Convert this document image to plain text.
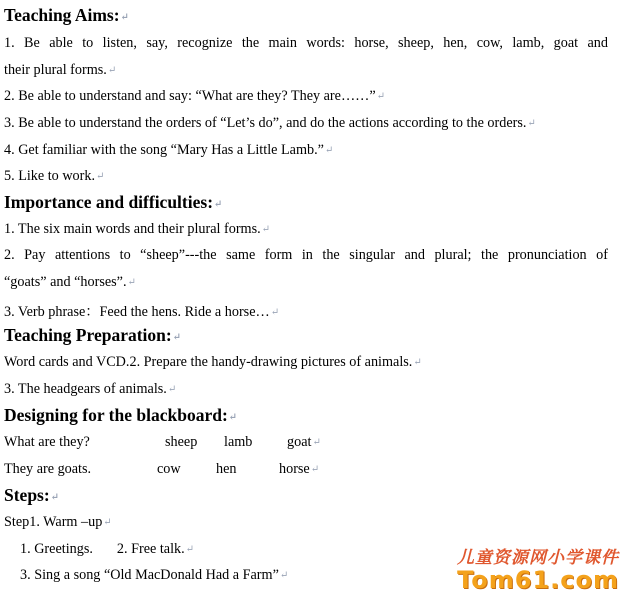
Teaching Aims:↵
1. Be able to listen, say, recognize the main words: horse, sheep, hen, cow, lamb, goat and
their plural forms.↵
2. Be able to understand and say: “What are they? They are……”↵
3. Be able to understand the orders of “Let’s do”, and do the actions according to the orders.↵
4. Get familiar with the song “Mary Has a Little Lamb.”↵
5. Like to work.↵
Importance and difficulties:↵
1. The six main words and their plural forms.↵
2. Pay attentions to “sheep”---the same form in the singular and plural; the pronunciation of
“goats” and “horses”.↵
3. Verb phrase：Feed the hens. Ride a horse…↵
Teaching Preparation:↵
Word cards and VCD.2. Prepare the handy-drawing pictures of animals.↵
3. The headgears of animals.↵
Designing for the blackboard:↵
What are they?	sheep lamb goat↵
They are goats.	cow hen	horse↵
Steps:↵
Step1. Warm –up↵
1. Greetings. 2. Free talk.↵
3. Sing a song “Old MacDonald Had a Farm”↵
儿童资源网小学课件
Tom61.com
